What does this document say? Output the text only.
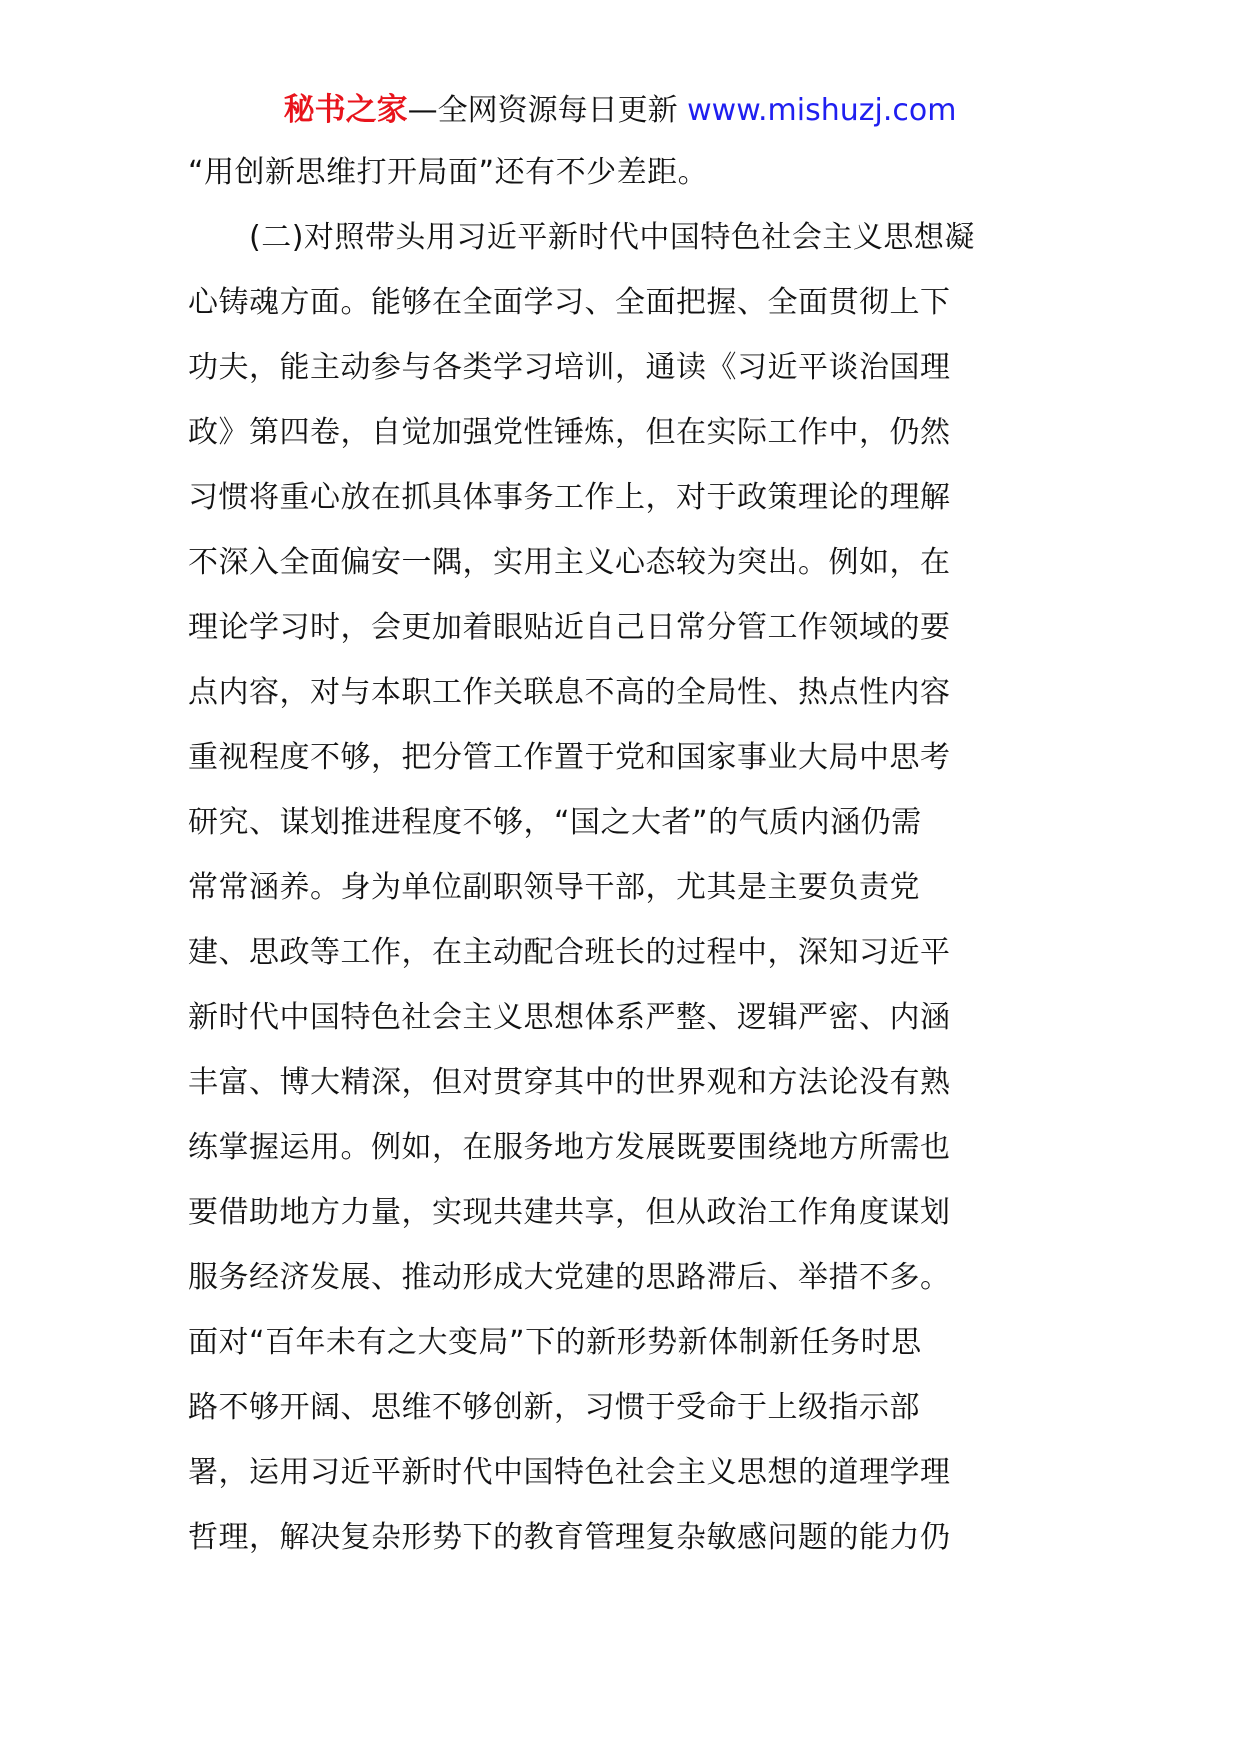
秘书之家—全网资源每日更新 www.mishuzj.com
“用创新思维打开局面”还有不少差距。
(二)对照带头用习近平新时代中国特色社会主义思想凝
心铸魂方面。能够在全面学习、全面把握、全面贯彻上下
功夫，能主动参与各类学习培训，通读《习近平谈治国理
政》第四卷，自觉加强党性锤炼，但在实际工作中，仍然
习惯将重心放在抓具体事务工作上，对于政策理论的理解
不深入全面偏安一隅，实用主义心态较为突出。例如，在
理论学习时，会更加着眼贴近自己日常分管工作领域的要
点内容，对与本职工作关联息不高的全局性、热点性内容
重视程度不够，把分管工作置于党和国家事业大局中思考
研究、谋划推进程度不够，“国之大者”的气质内涵仍需
常常涵养。身为单位副职领导干部，尤其是主要负责党
建、思政等工作，在主动配合班长的过程中，深知习近平
新时代中国特色社会主义思想体系严整、逻辑严密、内涵
丰富、博大精深，但对贯穿其中的世界观和方法论没有熟
练掌握运用。例如，在服务地方发展既要围绕地方所需也
要借助地方力量，实现共建共享，但从政治工作角度谋划
服务经济发展、推动形成大党建的思路滞后、举措不多。
面对“百年未有之大变局”下的新形势新体制新任务时思
路不够开阔、思维不够创新，习惯于受命于上级指示部
署，运用习近平新时代中国特色社会主义思想的道理学理
哲理，解决复杂形势下的教育管理复杂敏感问题的能力仍
